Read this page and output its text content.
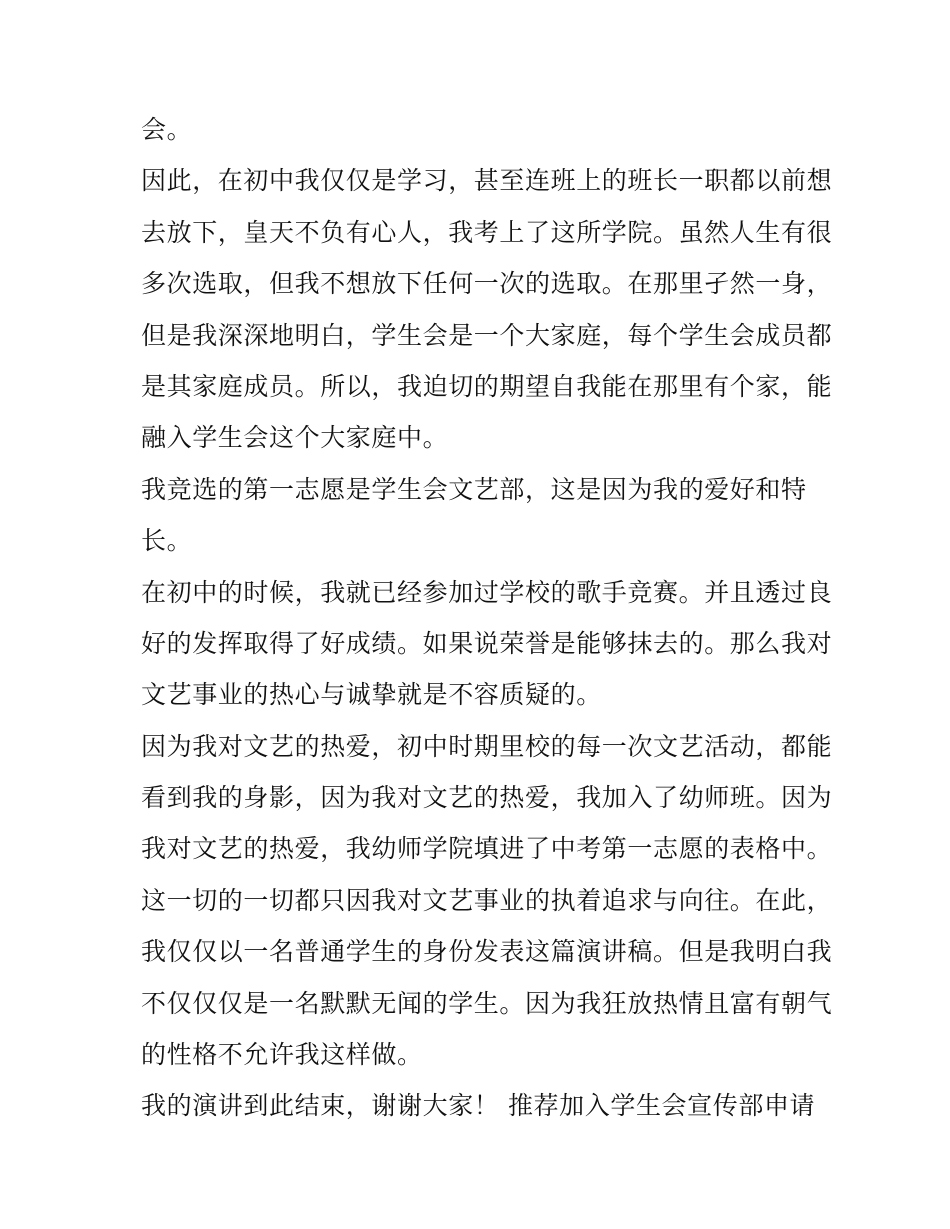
会。
因此，在初中我仅仅是学习，甚至连班上的班长一职都以前想
去放下，皇天不负有心人，我考上了这所学院。虽然人生有很
多次选取，但我不想放下任何一次的选取。在那里孑然一身，
但是我深深地明白，学生会是一个大家庭，每个学生会成员都
是其家庭成员。所以，我迫切的期望自我能在那里有个家，能
融入学生会这个大家庭中。
我竞选的第一志愿是学生会文艺部，这是因为我的爱好和特
长。
在初中的时候，我就已经参加过学校的歌手竞赛。并且透过良
好的发挥取得了好成绩。如果说荣誉是能够抹去的。那么我对
文艺事业的热心与诚挚就是不容质疑的。
因为我对文艺的热爱，初中时期里校的每一次文艺活动，都能
看到我的身影，因为我对文艺的热爱，我加入了幼师班。因为
我对文艺的热爱，我幼师学院填进了中考第一志愿的表格中。
这一切的一切都只因我对文艺事业的执着追求与向往。在此，
我仅仅以一名普通学生的身份发表这篇演讲稿。但是我明白我
不仅仅仅是一名默默无闻的学生。因为我狂放热情且富有朝气
的性格不允许我这样做。
我的演讲到此结束，谢谢大家！ 推荐加入学生会宣传部申请
